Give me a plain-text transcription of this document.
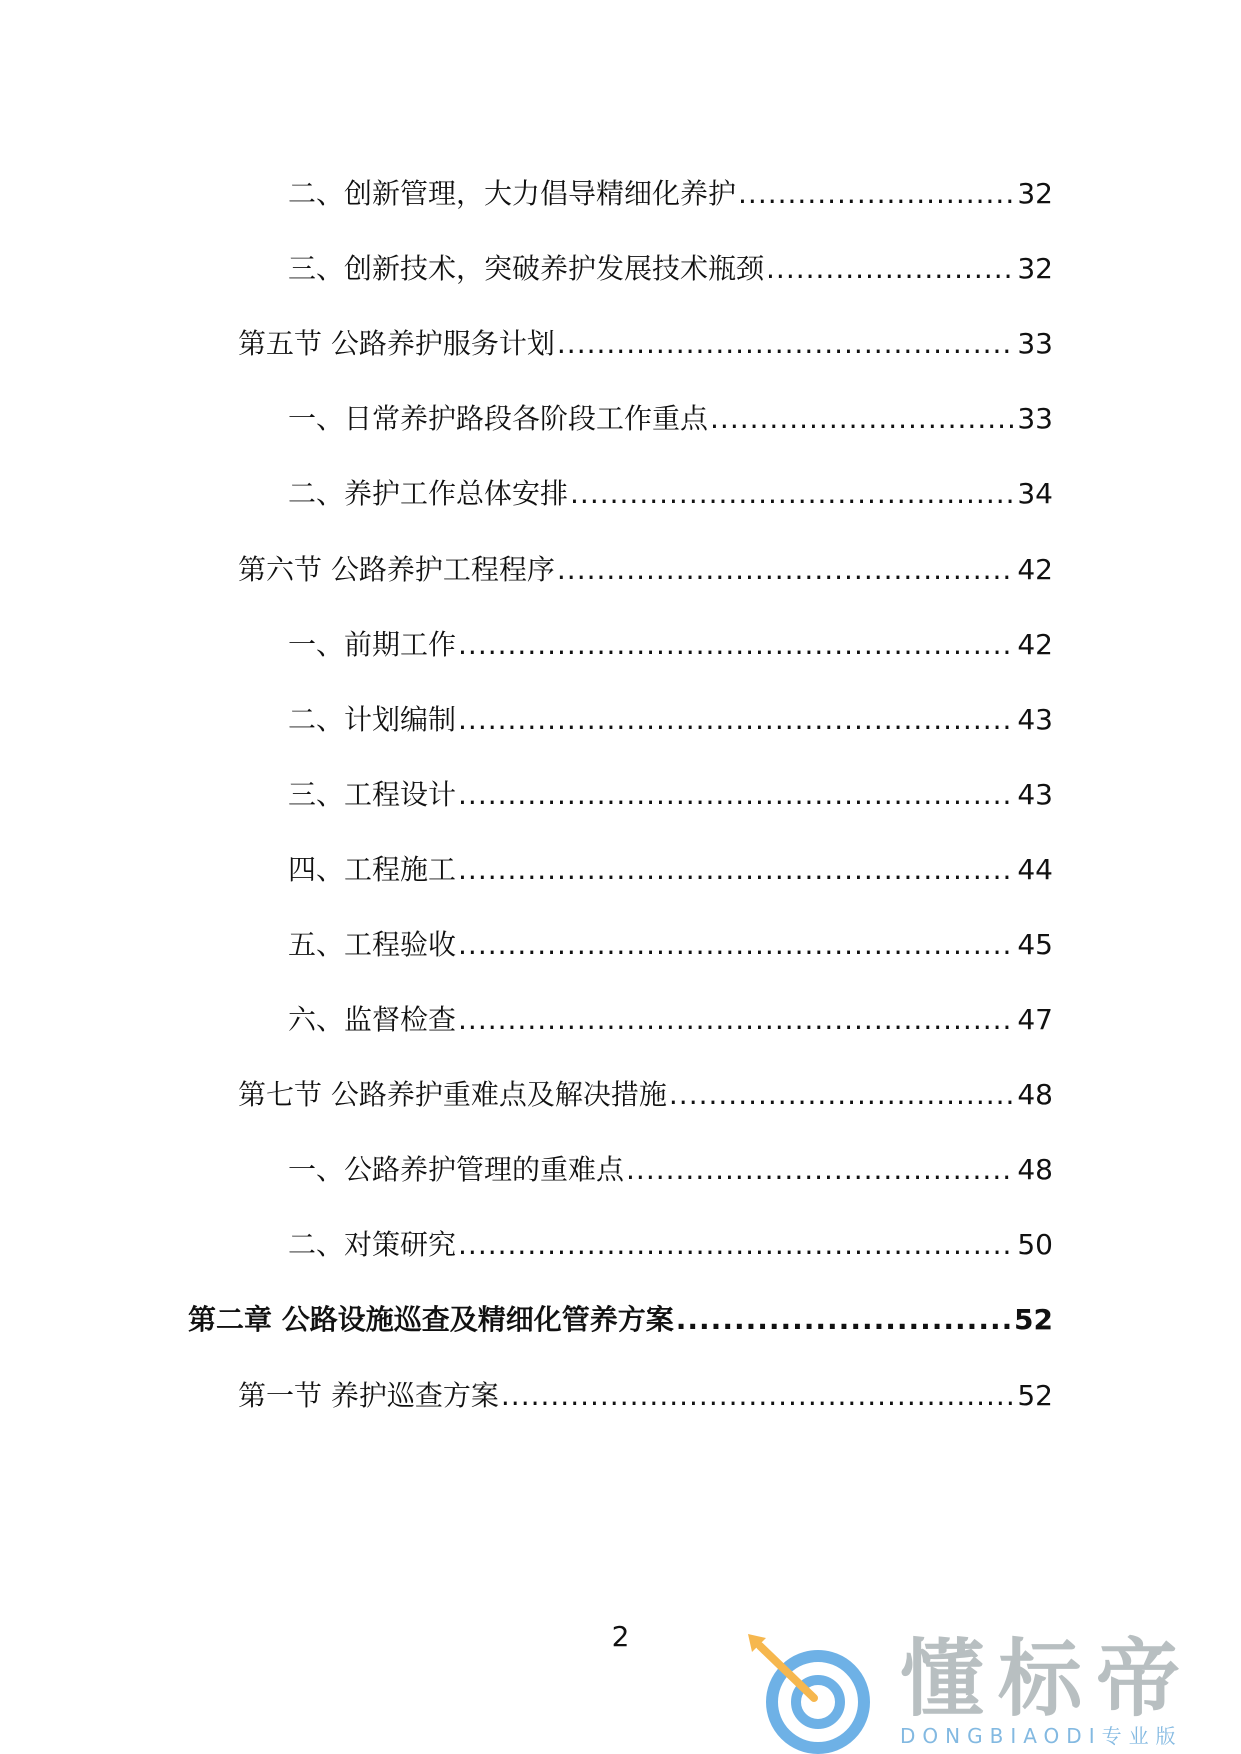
二、创新管理，大力倡导精细化养护 .....	32
三、创新技术，突破养护发展技术瓶颈 .....	32
第五节 公路养护服务计划 .....	33
一、日常养护路段各阶段工作重点 .....	33
二、养护工作总体安排 .....	34
第六节 公路养护工程程序 .....	42
一、前期工作 .....	42
二、计划编制 .....	43
三、工程设计 .....	43
四、工程施工 .....	44
五、工程验收 .....	45
六、监督检查 .....	47
第七节 公路养护重难点及解决措施 .....	48
一、公路养护管理的重难点 .....	48
二、对策研究 .....	50
第二章 公路设施巡查及精细化管养方案 .....	52
第一节 养护巡查方案 .....	52
2	懂标帝
DONGBIAODI专业版
